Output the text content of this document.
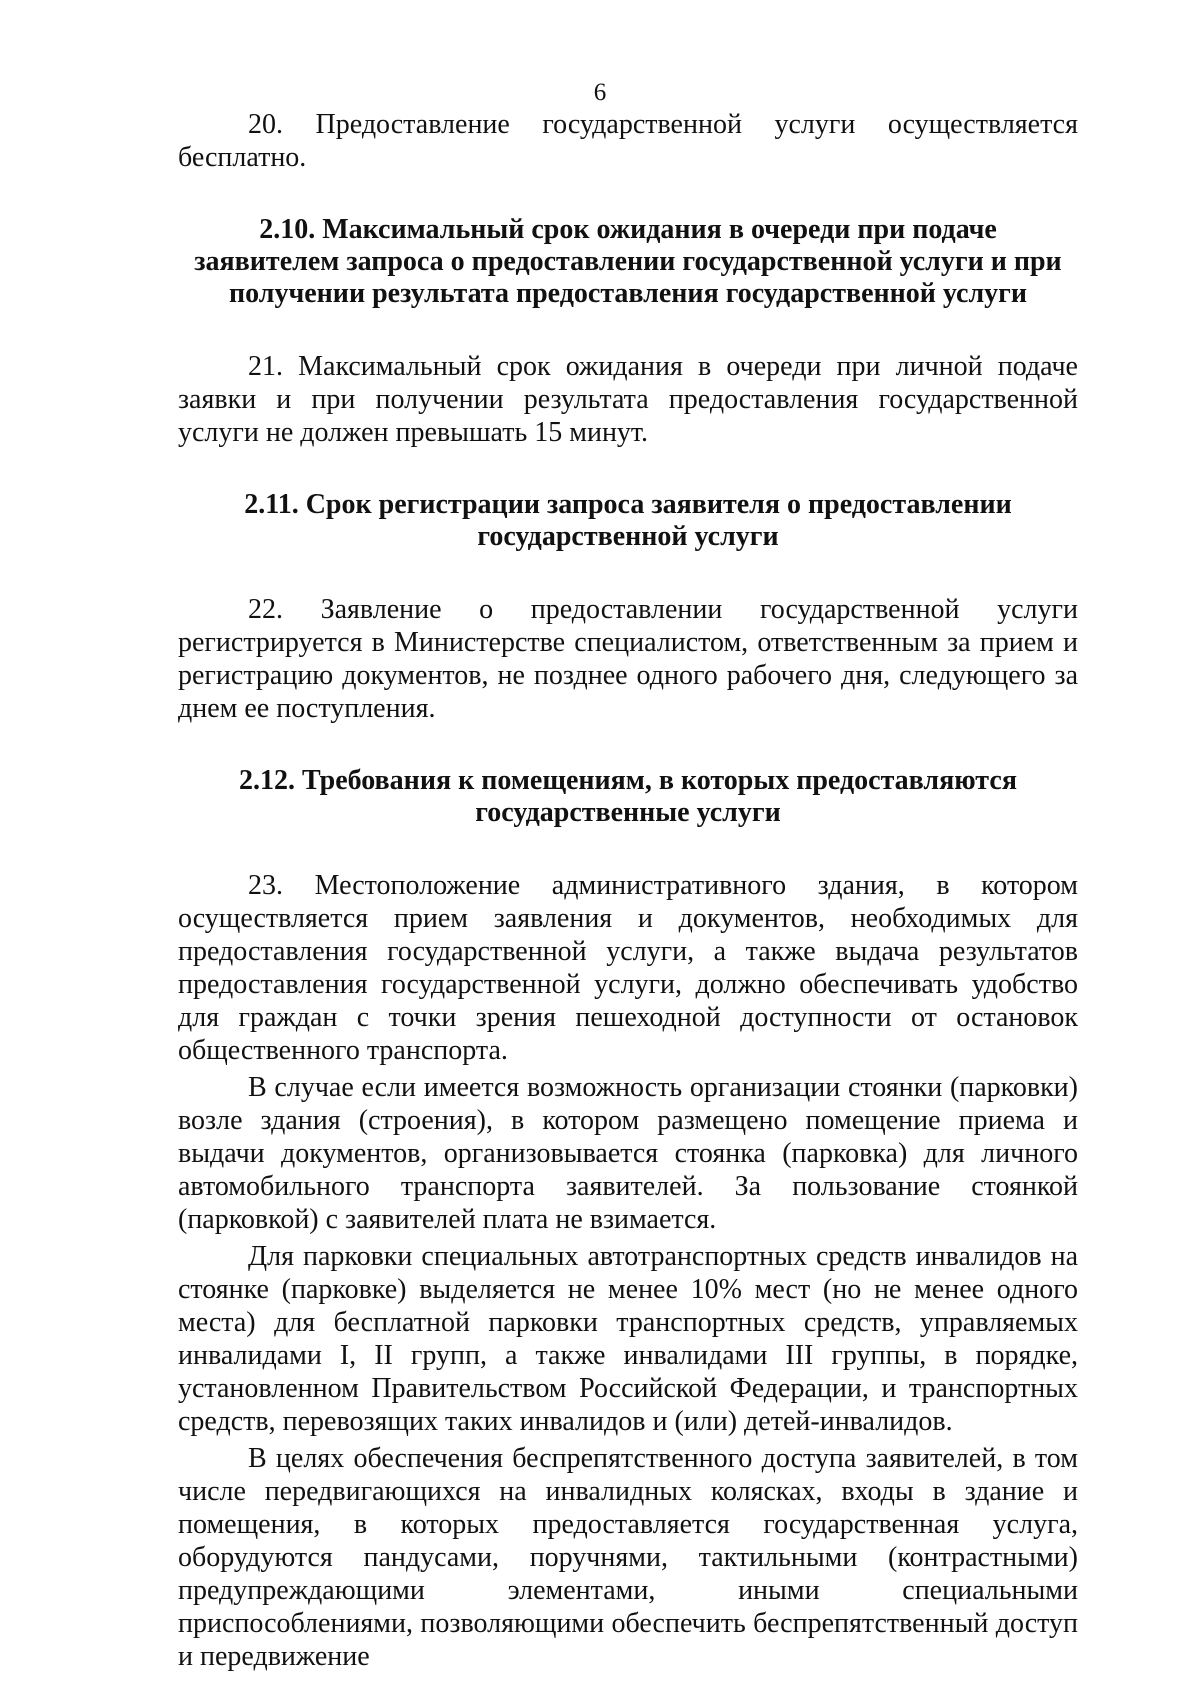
6

20. Предоставление государственной услуги осуществляется бесплатно.

2.10. Максимальный срок ожидания в очереди при подаче заявителем запроса о предоставлении государственной услуги и при получении результата предоставления государственной услуги

21. Максимальный срок ожидания в очереди при личной подаче заявки и при получении результата предоставления государственной услуги не должен превышать 15 минут.

2.11. Срок регистрации запроса заявителя о предоставлении государственной услуги

22. Заявление о предоставлении государственной услуги регистрируется в Министерстве специалистом, ответственным за прием и регистрацию документов, не позднее одного рабочего дня, следующего за днем ее поступления.

2.12. Требования к помещениям, в которых предоставляются государственные услуги

23. Местоположение административного здания, в котором осуществляется прием заявления и документов, необходимых для предоставления государственной услуги, а также выдача результатов предоставления государственной услуги, должно обеспечивать удобство для граждан с точки зрения пешеходной доступности от остановок общественного транспорта.

В случае если имеется возможность организации стоянки (парковки) возле здания (строения), в котором размещено помещение приема и выдачи документов, организовывается стоянка (парковка) для личного автомобильного транспорта заявителей. За пользование стоянкой (парковкой) с заявителей плата не взимается.

Для парковки специальных автотранспортных средств инвалидов на стоянке (парковке) выделяется не менее 10% мест (но не менее одного места) для бесплатной парковки транспортных средств, управляемых инвалидами I, II групп, а также инвалидами III группы, в порядке, установленном Правительством Российской Федерации, и транспортных средств, перевозящих таких инвалидов и (или) детей-инвалидов.

В целях обеспечения беспрепятственного доступа заявителей, в том числе передвигающихся на инвалидных колясках, входы в здание и помещения, в которых предоставляется государственная услуга, оборудуются пандусами, поручнями, тактильными (контрастными) предупреждающими элементами, иными специальными приспособлениями, позволяющими обеспечить беспрепятственный доступ и передвижение
